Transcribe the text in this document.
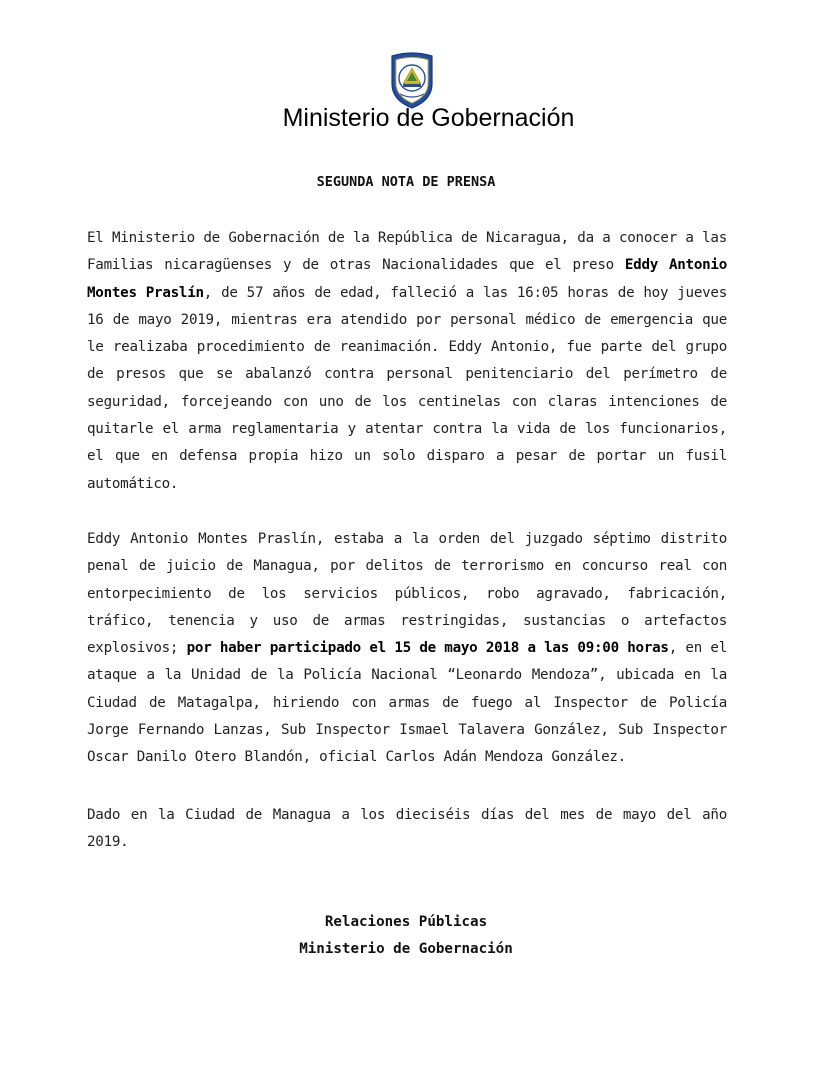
Ministerio de Gobernación
SEGUNDA NOTA DE PRENSA
El Ministerio de Gobernación de la República de Nicaragua, da a conocer a las Familias nicaragüenses y de otras Nacionalidades que el preso Eddy Antonio Montes Praslín, de 57 años de edad, falleció a las 16:05 horas de hoy jueves 16 de mayo 2019, mientras era atendido por personal médico de emergencia que le realizaba procedimiento de reanimación. Eddy Antonio, fue parte del grupo de presos que se abalanzó contra personal penitenciario del perímetro de seguridad, forcejeando con uno de los centinelas con claras intenciones de quitarle el arma reglamentaria y atentar contra la vida de los funcionarios, el que en defensa propia hizo un solo disparo a pesar de portar un fusil automático.
Eddy Antonio Montes Praslín, estaba a la orden del juzgado séptimo distrito penal de juicio de Managua, por delitos de terrorismo en concurso real con entorpecimiento de los servicios públicos, robo agravado, fabricación, tráfico, tenencia y uso de armas restringidas, sustancias o artefactos explosivos; por haber participado el 15 de mayo 2018 a las 09:00 horas, en el ataque a la Unidad de la Policía Nacional “Leonardo Mendoza”, ubicada en la Ciudad de Matagalpa, hiriendo con armas de fuego al Inspector de Policía Jorge Fernando Lanzas, Sub Inspector Ismael Talavera González, Sub Inspector Oscar Danilo Otero Blandón, oficial Carlos Adán Mendoza González.
Dado en la Ciudad de Managua a los dieciséis días del mes de mayo del año 2019.
Relaciones Públicas
Ministerio de Gobernación
